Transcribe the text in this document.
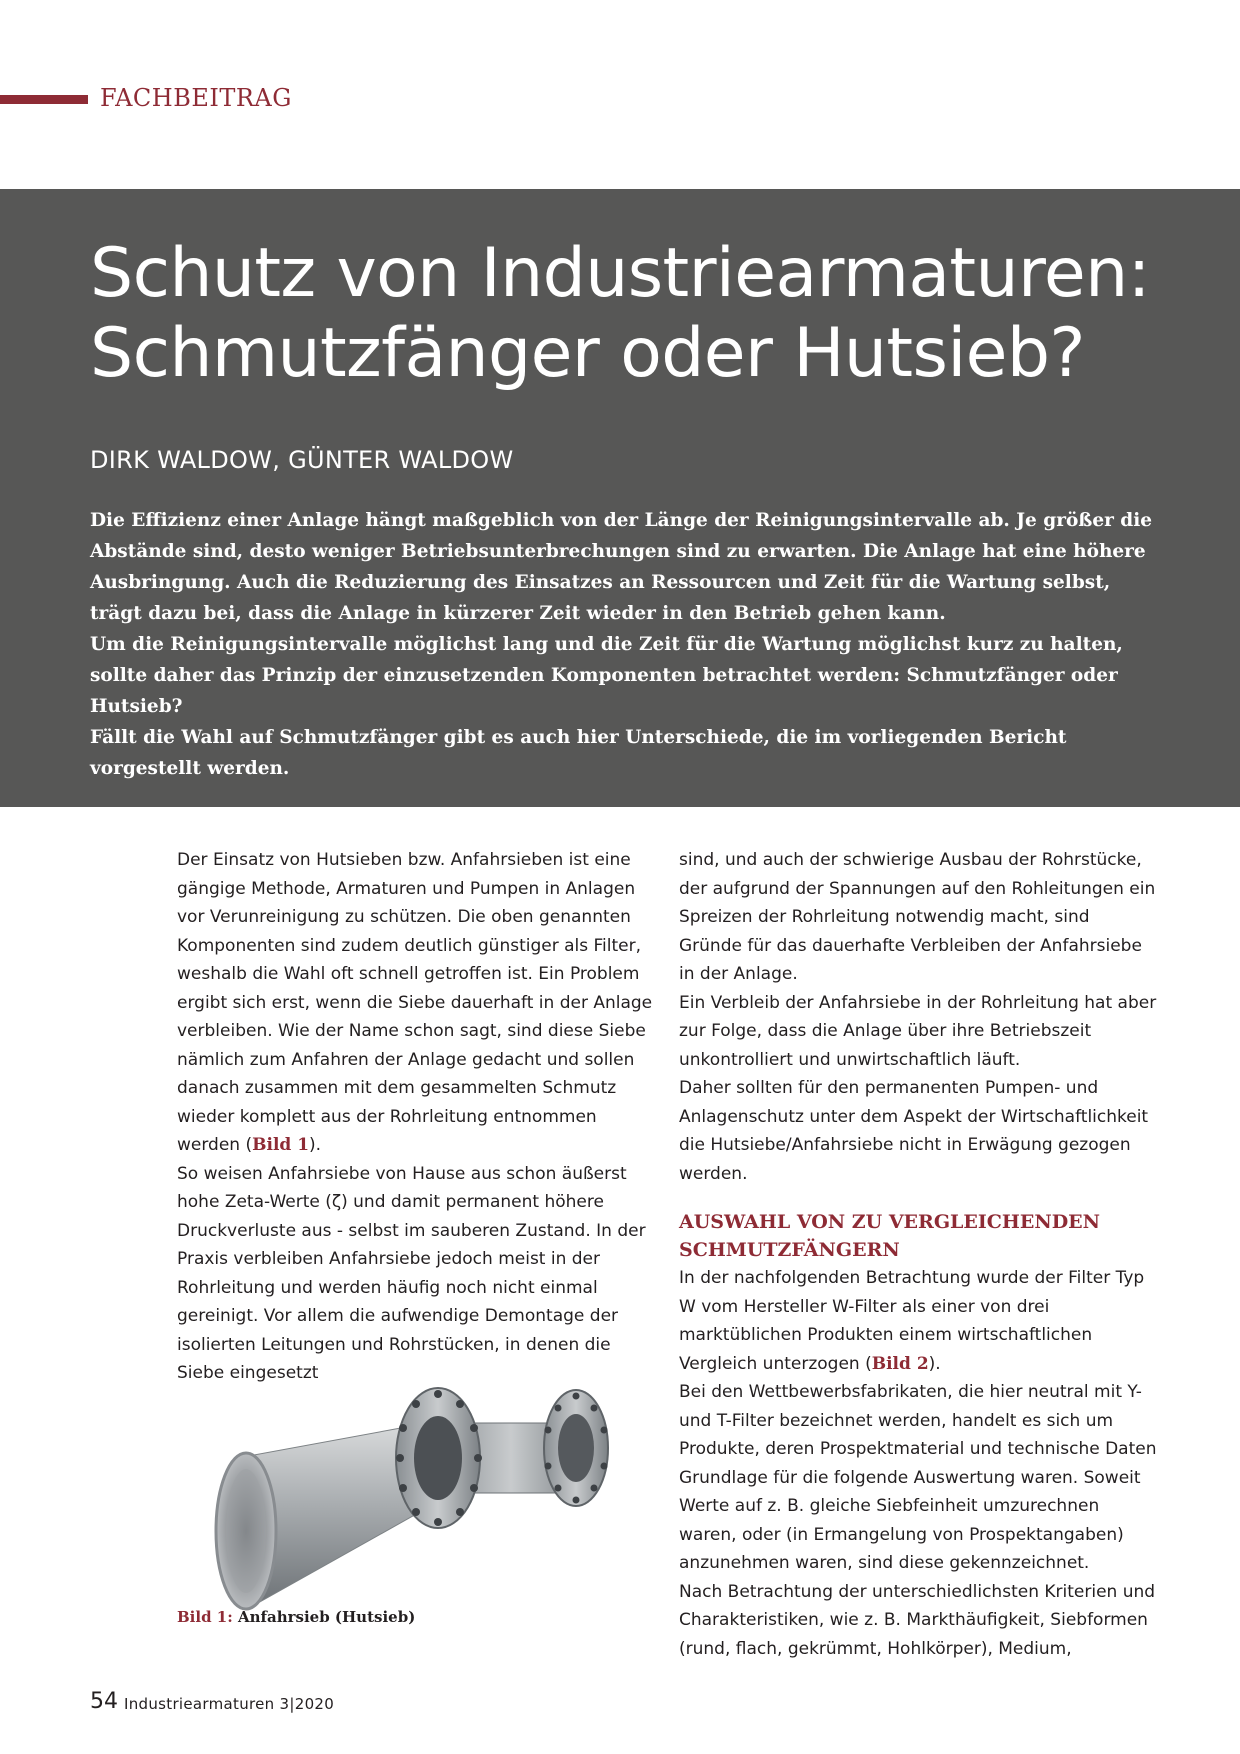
FACHBEITRAG
Schutz von Industriearmaturen:
Schmutzfänger oder Hutsieb?
DIRK WALDOW, GÜNTER WALDOW

Die Effizienz einer Anlage hängt maßgeblich von der Länge der Reinigungsintervalle ab. Je größer die Abstände sind, desto weniger Betriebsunterbrechungen sind zu erwarten. Die Anlage hat eine höhere Ausbringung. Auch die Reduzierung des Einsatzes an Ressourcen und Zeit für die Wartung selbst, trägt dazu bei, dass die Anlage in kürzerer Zeit wieder in den Betrieb gehen kann.

Um die Reinigungsintervalle möglichst lang und die Zeit für die Wartung möglichst kurz zu halten, sollte daher das Prinzip der einzusetzenden Komponenten betrachtet werden: Schmutzfänger oder Hutsieb?

Fällt die Wahl auf Schmutzfänger gibt es auch hier Unterschiede, die im vorliegenden Bericht vorgestellt werden.

Der Einsatz von Hutsieben bzw. Anfahrsieben ist eine gängige Methode, Armaturen und Pumpen in Anlagen vor Verunreinigung zu schützen. Die oben genannten Komponenten sind zudem deutlich günstiger als Filter, weshalb die Wahl oft schnell getroffen ist. Ein Problem ergibt sich erst, wenn die Siebe dauerhaft in der Anlage verbleiben. Wie der Name schon sagt, sind diese Siebe nämlich zum Anfahren der Anlage gedacht und sollen danach zusammen mit dem gesammelten Schmutz wieder komplett aus der Rohrleitung entnommen werden (Bild 1).

So weisen Anfahrsiebe von Hause aus schon äußerst hohe Zeta-Werte (ζ) und damit permanent höhere Druckverluste aus - selbst im sauberen Zustand. In der Praxis verbleiben Anfahrsiebe jedoch meist in der Rohrleitung und werden häufig noch nicht einmal gereinigt. Vor allem die aufwendige Demontage der isolierten Leitungen und Rohrstücken, in denen die Siebe eingesetzt

sind, und auch der schwierige Ausbau der Rohrstücke, der aufgrund der Spannungen auf den Rohleitungen ein Spreizen der Rohrleitung notwendig macht, sind Gründe für das dauerhafte Verbleiben der Anfahrsiebe in der Anlage.

Ein Verbleib der Anfahrsiebe in der Rohrleitung hat aber zur Folge, dass die Anlage über ihre Betriebszeit unkontrolliert und unwirtschaftlich läuft.

Daher sollten für den permanenten Pumpen- und Anlagenschutz unter dem Aspekt der Wirtschaftlichkeit die Hutsiebe/Anfahrsiebe nicht in Erwägung gezogen werden.

AUSWAHL VON ZU VERGLEICHENDEN
SCHMUTZFÄNGERN

In der nachfolgenden Betrachtung wurde der Filter Typ W vom Hersteller W-Filter als einer von drei marktüblichen Produkten einem wirtschaftlichen Vergleich unterzogen (Bild 2).

Bei den Wettbewerbsfabrikaten, die hier neutral mit Y- und T-Filter bezeichnet werden, handelt es sich um Produkte, deren Prospektmaterial und technische Daten Grundlage für die folgende Auswertung waren. Soweit Werte auf z. B. gleiche Siebfeinheit umzurechnen waren, oder (in Ermangelung von Prospektangaben) anzunehmen waren, sind diese gekennzeichnet.

Nach Betrachtung der unterschiedlichsten Kriterien und Charakteristiken, wie z. B. Markthäufigkeit, Siebformen (rund, flach, gekrümmt, Hohlkörper), Medium,

Bild 1: Anfahrsieb (Hutsieb)
54 Industriearmaturen 3|2020
